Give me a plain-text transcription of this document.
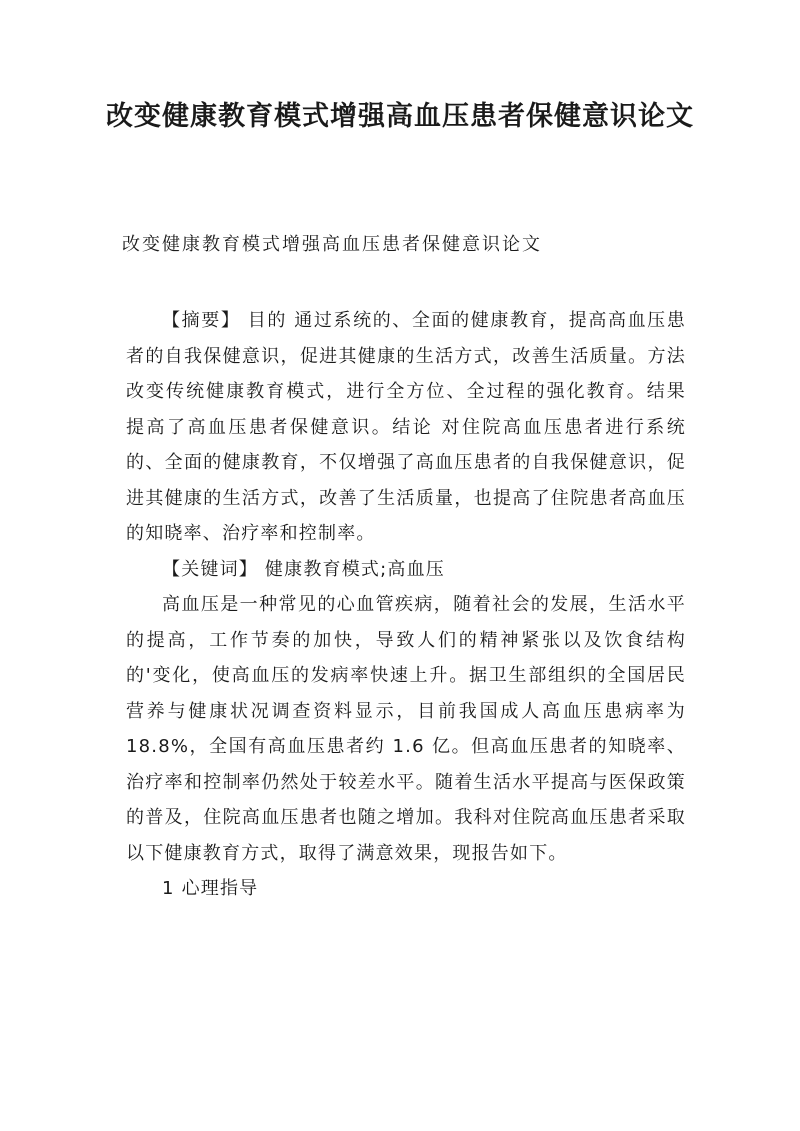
改变健康教育模式增强高血压患者保健意识论文

改变健康教育模式增强高血压患者保健意识论文

【摘要】 目的 通过系统的、全面的健康教育，提高高血压患者的自我保健意识，促进其健康的生活方式，改善生活质量。方法 改变传统健康教育模式，进行全方位、全过程的强化教育。结果 提高了高血压患者保健意识。结论 对住院高血压患者进行系统的、全面的健康教育，不仅增强了高血压患者的自我保健意识，促进其健康的生活方式，改善了生活质量，也提高了住院患者高血压的知晓率、治疗率和控制率。

【关键词】 健康教育模式;高血压

高血压是一种常见的心血管疾病，随着社会的发展，生活水平的提高，工作节奏的加快，导致人们的精神紧张以及饮食结构的'变化，使高血压的发病率快速上升。据卫生部组织的全国居民营养与健康状况调查资料显示，目前我国成人高血压患病率为 18.8%，全国有高血压患者约 1.6 亿。但高血压患者的知晓率、治疗率和控制率仍然处于较差水平。随着生活水平提高与医保政策的普及，住院高血压患者也随之增加。我科对住院高血压患者采取以下健康教育方式，取得了满意效果，现报告如下。

1 心理指导
